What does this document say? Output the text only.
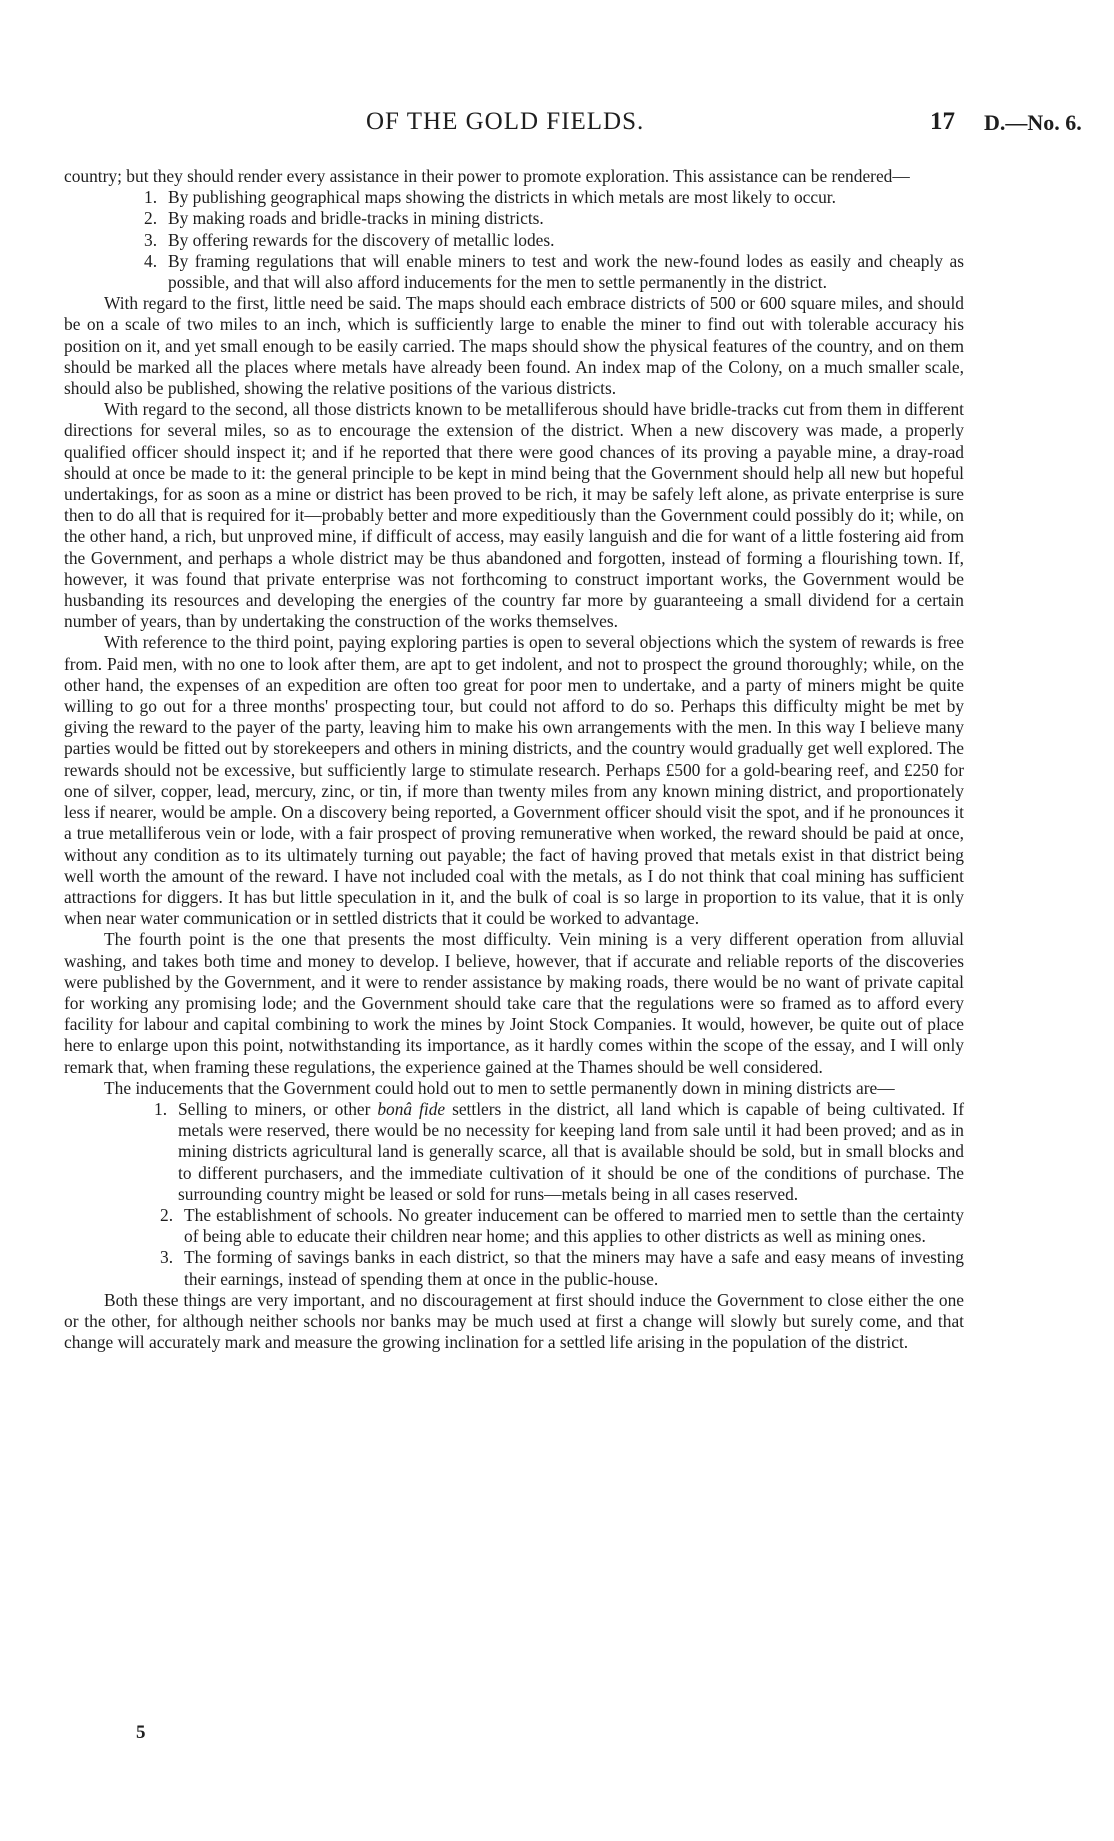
OF THE GOLD FIELDS.	17 D.—No. 6.

country; but they should render every assistance in their power to promote exploration. This assistance can be rendered—

1. By publishing geographical maps showing the districts in which metals are most likely to occur.
2. By making roads and bridle-tracks in mining districts.
3. By offering rewards for the discovery of metallic lodes.
4. By framing regulations that will enable miners to test and work the new-found lodes as easily and cheaply as possible, and that will also afford inducements for the men to settle permanently in the district.

With regard to the first, little need be said. The maps should each embrace districts of 500 or 600 square miles, and should be on a scale of two miles to an inch, which is sufficiently large to enable the miner to find out with tolerable accuracy his position on it, and yet small enough to be easily carried. The maps should show the physical features of the country, and on them should be marked all the places where metals have already been found. An index map of the Colony, on a much smaller scale, should also be published, showing the relative positions of the various districts.

With regard to the second, all those districts known to be metalliferous should have bridle-tracks cut from them in different directions for several miles, so as to encourage the extension of the district. When a new discovery was made, a properly qualified officer should inspect it; and if he reported that there were good chances of its proving a payable mine, a dray-road should at once be made to it: the general principle to be kept in mind being that the Government should help all new but hopeful undertakings, for as soon as a mine or district has been proved to be rich, it may be safely left alone, as private enterprise is sure then to do all that is required for it—probably better and more expeditiously than the Government could possibly do it; while, on the other hand, a rich, but unproved mine, if difficult of access, may easily languish and die for want of a little fostering aid from the Government, and perhaps a whole district may be thus abandoned and forgotten, instead of forming a flourishing town. If, however, it was found that private enterprise was not forthcoming to construct important works, the Government would be husbanding its resources and developing the energies of the country far more by guaranteeing a small dividend for a certain number of years, than by undertaking the construction of the works themselves.

With reference to the third point, paying exploring parties is open to several objections which the system of rewards is free from. Paid men, with no one to look after them, are apt to get indolent, and not to prospect the ground thoroughly; while, on the other hand, the expenses of an expedition are often too great for poor men to undertake, and a party of miners might be quite willing to go out for a three months' prospecting tour, but could not afford to do so. Perhaps this difficulty might be met by giving the reward to the payer of the party, leaving him to make his own arrangements with the men. In this way I believe many parties would be fitted out by storekeepers and others in mining districts, and the country would gradually get well explored. The rewards should not be excessive, but sufficiently large to stimulate research. Perhaps £500 for a gold-bearing reef, and £250 for one of silver, copper, lead, mercury, zinc, or tin, if more than twenty miles from any known mining district, and proportionately less if nearer, would be ample. On a discovery being reported, a Government officer should visit the spot, and if he pronounces it a true metalliferous vein or lode, with a fair prospect of proving remunerative when worked, the reward should be paid at once, without any condition as to its ultimately turning out payable; the fact of having proved that metals exist in that district being well worth the amount of the reward. I have not included coal with the metals, as I do not think that coal mining has sufficient attractions for diggers. It has but little speculation in it, and the bulk of coal is so large in proportion to its value, that it is only when near water communication or in settled districts that it could be worked to advantage.

The fourth point is the one that presents the most difficulty. Vein mining is a very different operation from alluvial washing, and takes both time and money to develop. I believe, however, that if accurate and reliable reports of the discoveries were published by the Government, and it were to render assistance by making roads, there would be no want of private capital for working any promising lode; and the Government should take care that the regulations were so framed as to afford every facility for labour and capital combining to work the mines by Joint Stock Companies. It would, however, be quite out of place here to enlarge upon this point, notwithstanding its importance, as it hardly comes within the scope of the essay, and I will only remark that, when framing these regulations, the experience gained at the Thames should be well considered.

The inducements that the Government could hold out to men to settle permanently down in mining districts are—

1. Selling to miners, or other bonâ fide settlers in the district, all land which is capable of being cultivated. If metals were reserved, there would be no necessity for keeping land from sale until it had been proved; and as in mining districts agricultural land is generally scarce, all that is available should be sold, but in small blocks and to different purchasers, and the immediate cultivation of it should be one of the conditions of purchase. The surrounding country might be leased or sold for runs—metals being in all cases reserved.
2. The establishment of schools. No greater inducement can be offered to married men to settle than the certainty of being able to educate their children near home; and this applies to other districts as well as mining ones.
3. The forming of savings banks in each district, so that the miners may have a safe and easy means of investing their earnings, instead of spending them at once in the public-house.

Both these things are very important, and no discouragement at first should induce the Government to close either the one or the other, for although neither schools nor banks may be much used at first a change will slowly but surely come, and that change will accurately mark and measure the growing inclination for a settled life arising in the population of the district.

5
